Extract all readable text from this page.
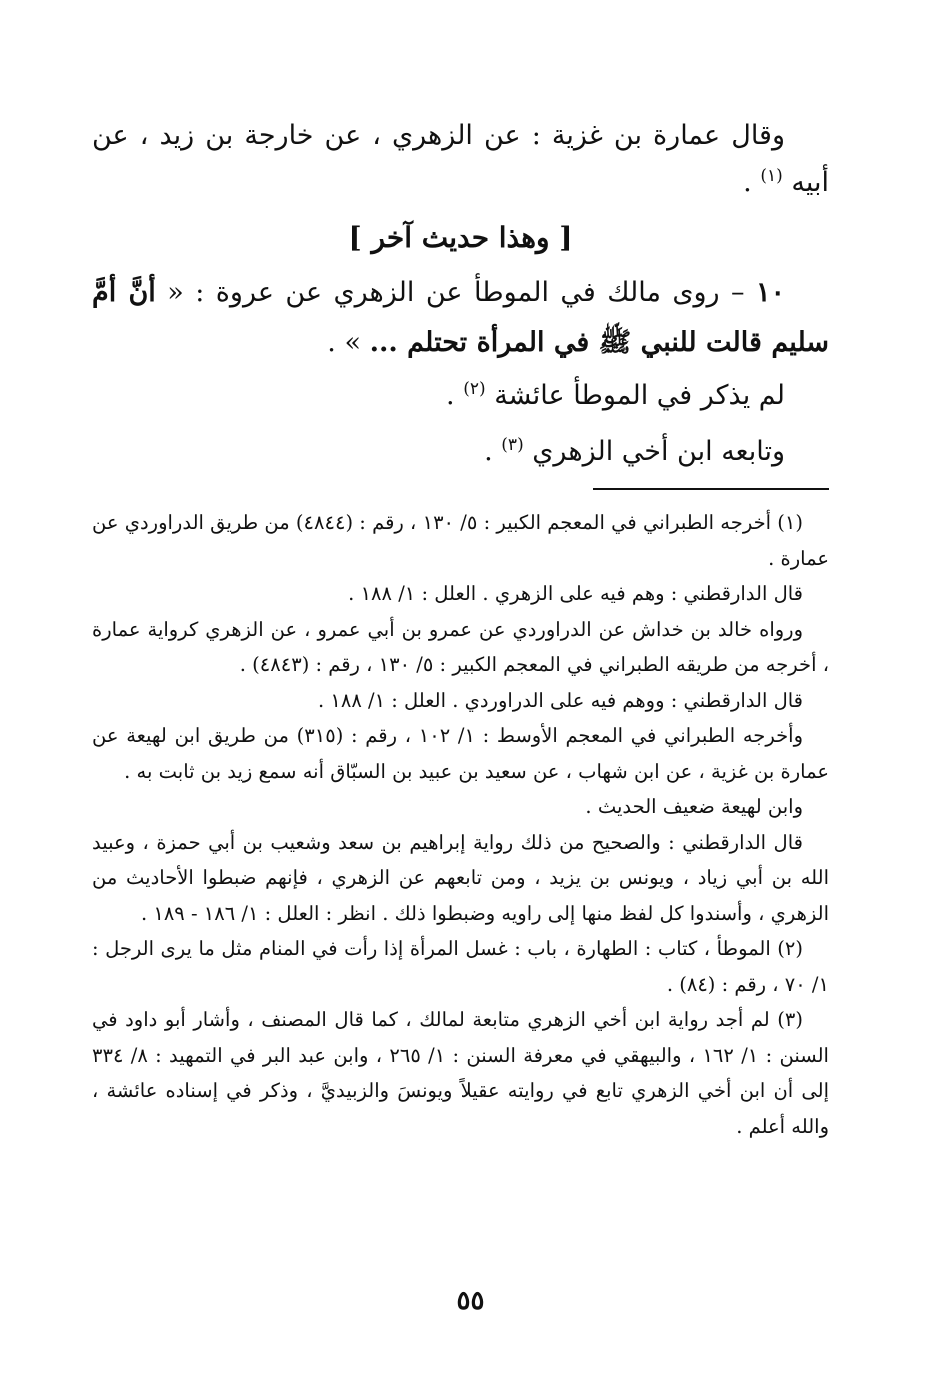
وقال عمارة بن غزية : عن الزهري ، عن خارجة بن زيد ، عن أبيه $^{(١)}$ .

[ وهذا حديث آخر ]

١٠ – روى مالك في الموطأ عن الزهري عن عروة : « أنَّ أمَّ سليم قالت للنبي ﷺ في المرأة تحتلم ... » .

لم يذكر في الموطأ عائشة $^{(٢)}$ .

وتابعه ابن أخي الزهري $^{(٣)}$ .

(١) أخرجه الطبراني في المعجم الكبير : ٥/ ١٣٠ ، رقم : (٤٨٤٤) من طريق الدراوردي عن عمارة .

قال الدارقطني : وهم فيه على الزهري . العلل : ١/ ١٨٨ .

ورواه خالد بن خداش عن الدراوردي عن عمرو بن أبي عمرو ، عن الزهري كرواية عمارة ، أخرجه من طريقه الطبراني في المعجم الكبير : ٥/ ١٣٠ ، رقم : (٤٨٤٣) .

قال الدارقطني : ووهم فيه على الدراوردي . العلل : ١/ ١٨٨ .

وأخرجه الطبراني في المعجم الأوسط : ١/ ١٠٢ ، رقم : (٣١٥) من طريق ابن لهيعة عن عمارة بن غزية ، عن ابن شهاب ، عن سعيد بن عبيد بن السبّاق أنه سمع زيد بن ثابت به .

وابن لهيعة ضعيف الحديث .

قال الدارقطني : والصحيح من ذلك رواية إبراهيم بن سعد وشعيب بن أبي حمزة ، وعبيد الله بن أبي زياد ، ويونس بن يزيد ، ومن تابعهم عن الزهري ، فإنهم ضبطوا الأحاديث من الزهري ، وأسندوا كل لفظ منها إلى راويه وضبطوا ذلك . انظر : العلل : ١/ ١٨٦ - ١٨٩ .

(٢) الموطأ ، كتاب : الطهارة ، باب : غسل المرأة إذا رأت في المنام مثل ما يرى الرجل : ١/ ٧٠ ، رقم : (٨٤) .

(٣) لم أجد رواية ابن أخي الزهري متابعة لمالك ، كما قال المصنف ، وأشار أبو داود في السنن : ١/ ١٦٢ ، والبيهقي في معرفة السنن : ١/ ٢٦٥ ، وابن عبد البر في التمهيد : ٨/ ٣٣٤ إلى أن ابن أخي الزهري تابع في روايته عقيلاً ويونسَ والزبيديَّ ، وذكر في إسناده عائشة ، والله أعلم .

٥٥
